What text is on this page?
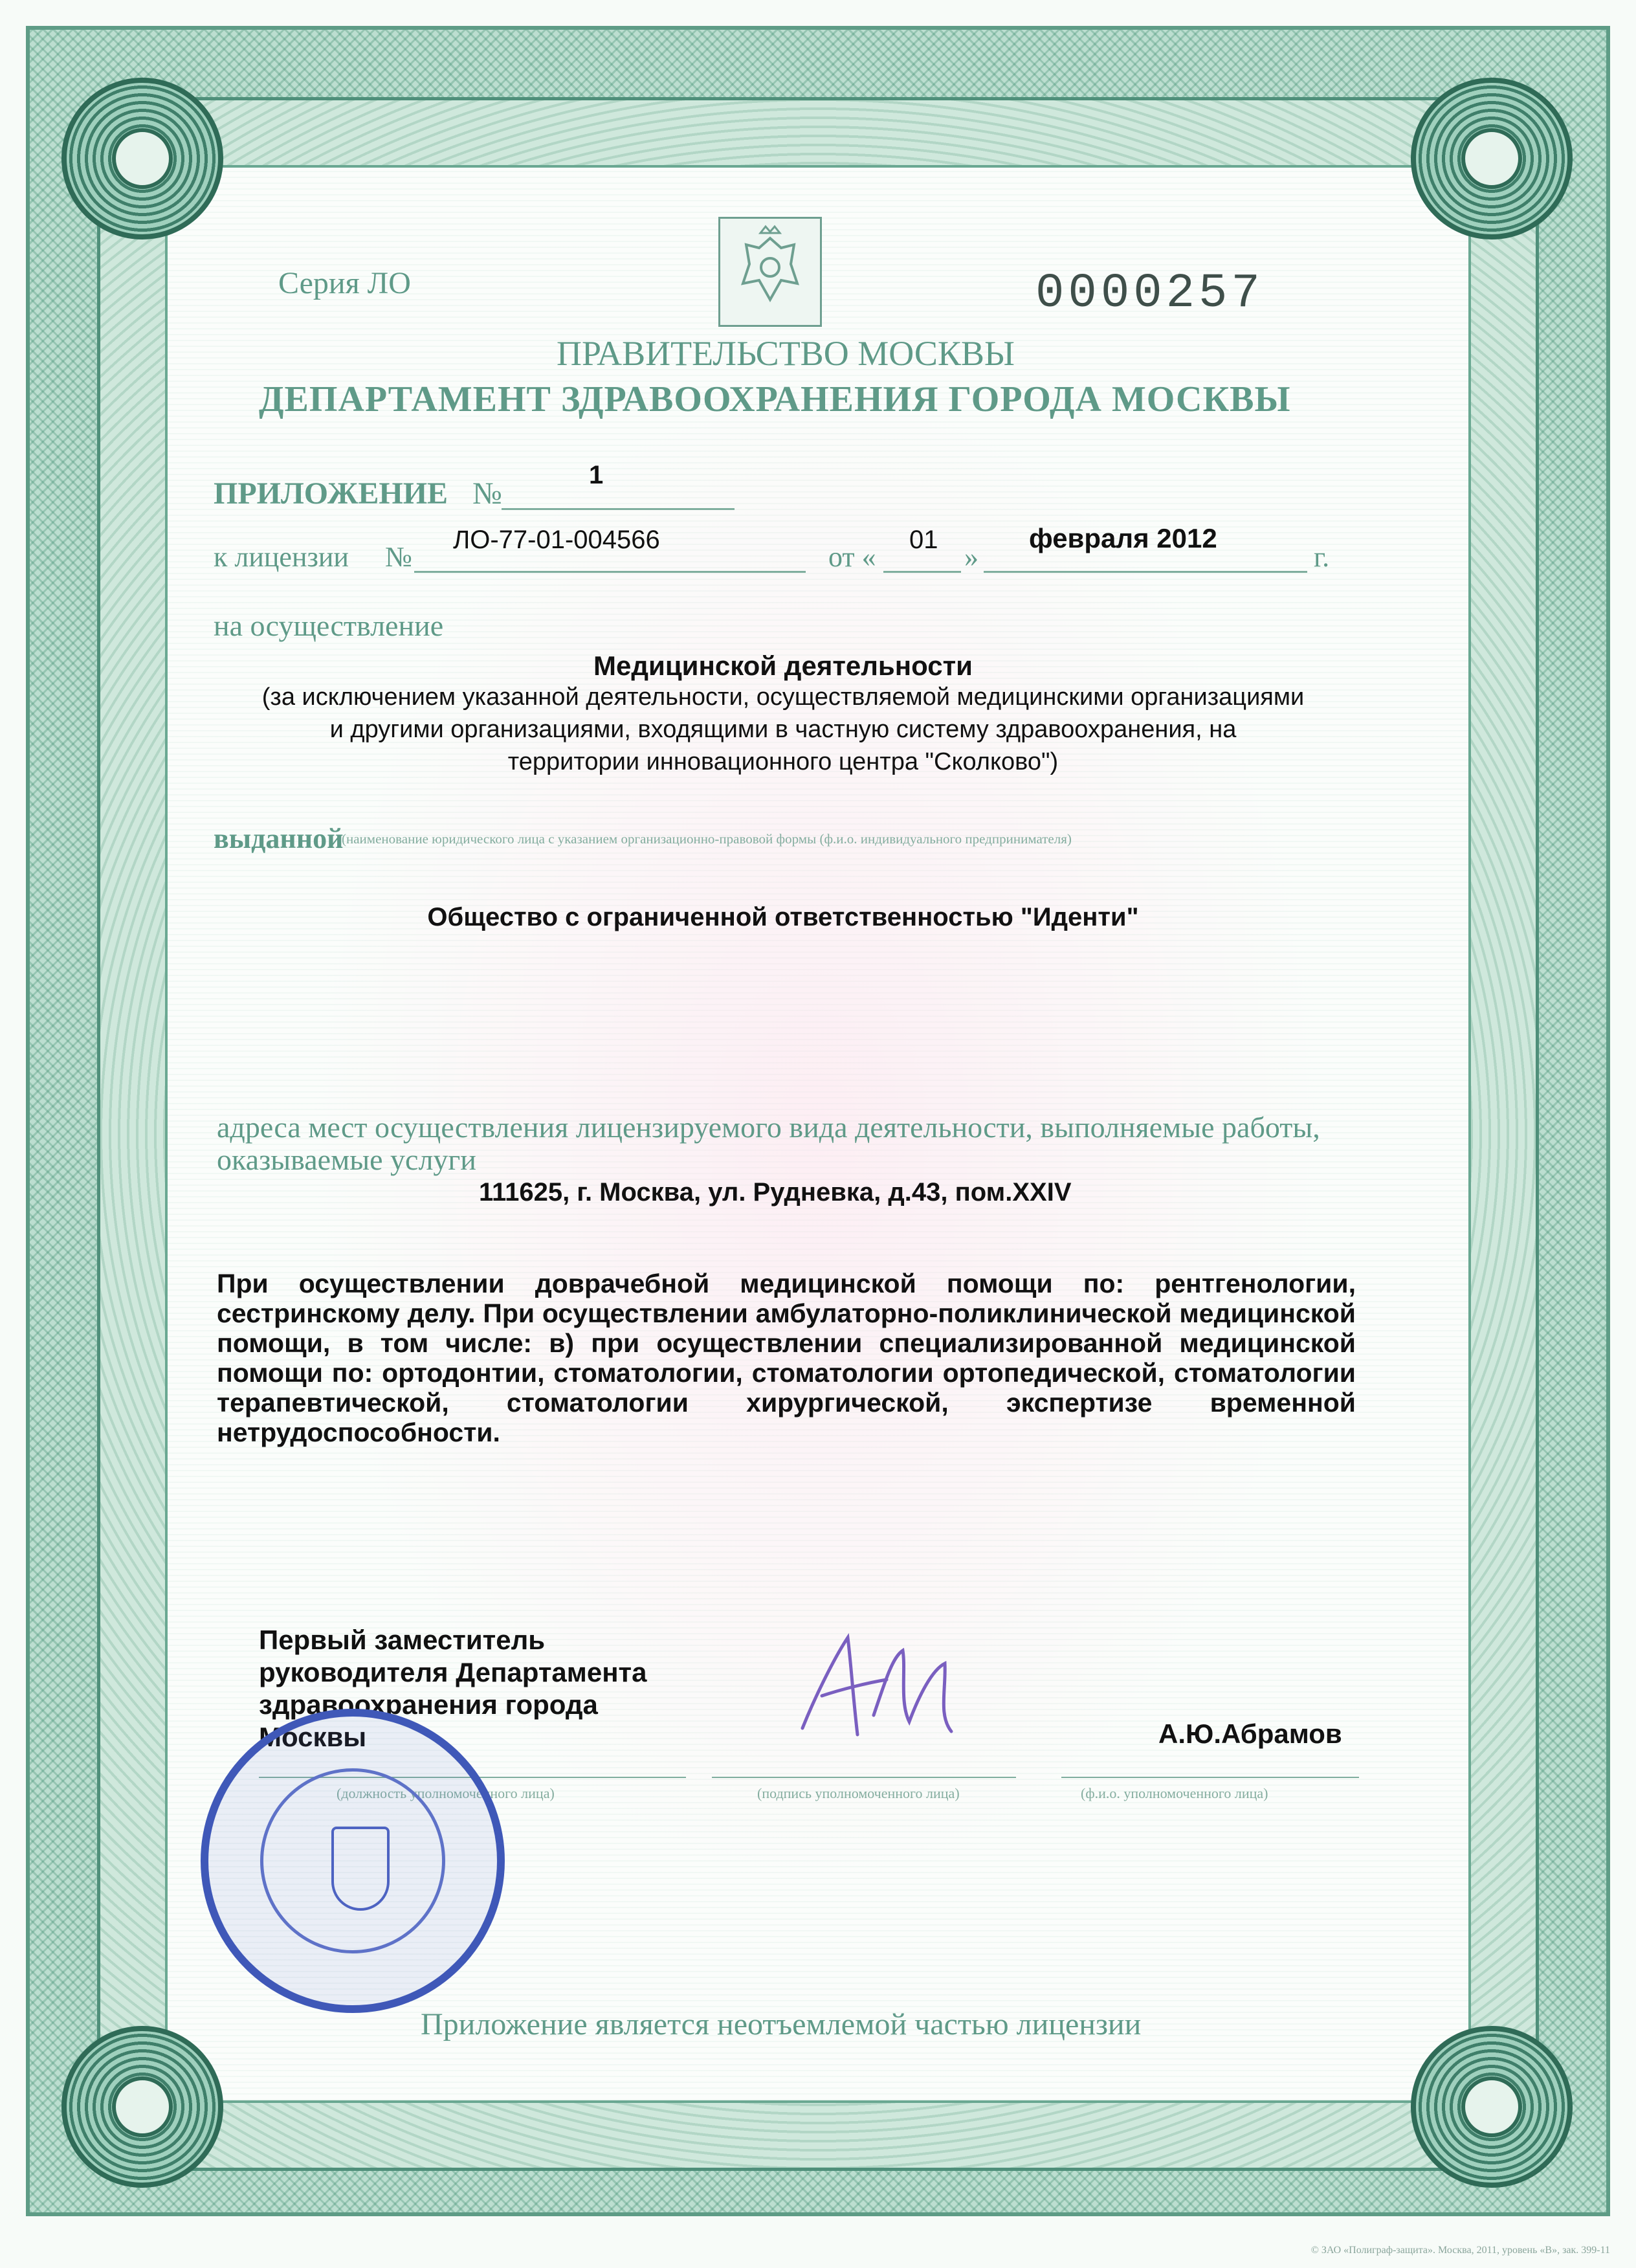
Серия ЛО	0000257
ПРАВИТЕЛЬСТВО МОСКВЫ
ДЕПАРТАМЕНТ ЗДРАВООХРАНЕНИЯ ГОРОДА МОСКВЫ
ПРИЛОЖЕНИЕ №
1
к лицензии №
ЛО-77-01-004566
от «
01
»
февраля 2012
г.
на осуществление
Медицинской деятельности
(за исключением указанной деятельности, осуществляемой медицинскими организациями
и другими организациями, входящими в частную систему здравоохранения, на
территории инновационного центра "Сколково")
выданной
(наименование юридического лица с указанием организационно-правовой формы (ф.и.о. индивидуального предпринимателя)
Общество с ограниченной ответственностью "Иденти"
адреса мест осуществления лицензируемого вида деятельности, выполняемые работы,
оказываемые услуги
111625, г. Москва, ул. Рудневка, д.43, пом.XXIV
При осуществлении доврачебной медицинской помощи по: рентгенологии, сестринскому делу. При осуществлении амбулаторно-поликлинической медицинской помощи, в том числе: в) при осуществлении специализированной медицинской помощи по: ортодонтии, стоматологии, стоматологии ортопедической, стоматологии терапевтической, стоматологии хирургической, экспертизе временной нетрудоспособности.
Первый заместитель
руководителя Департамента
здравоохранения города
Москвы	А.Ю.Абрамов
(должность уполномоченного лица)	(подпись уполномоченного лица)	(ф.и.о. уполномоченного лица)
Приложение является неотъемлемой частью лицензии
© ЗАО «Полиграф-защита». Москва, 2011, уровень «В», зак. 399-11
